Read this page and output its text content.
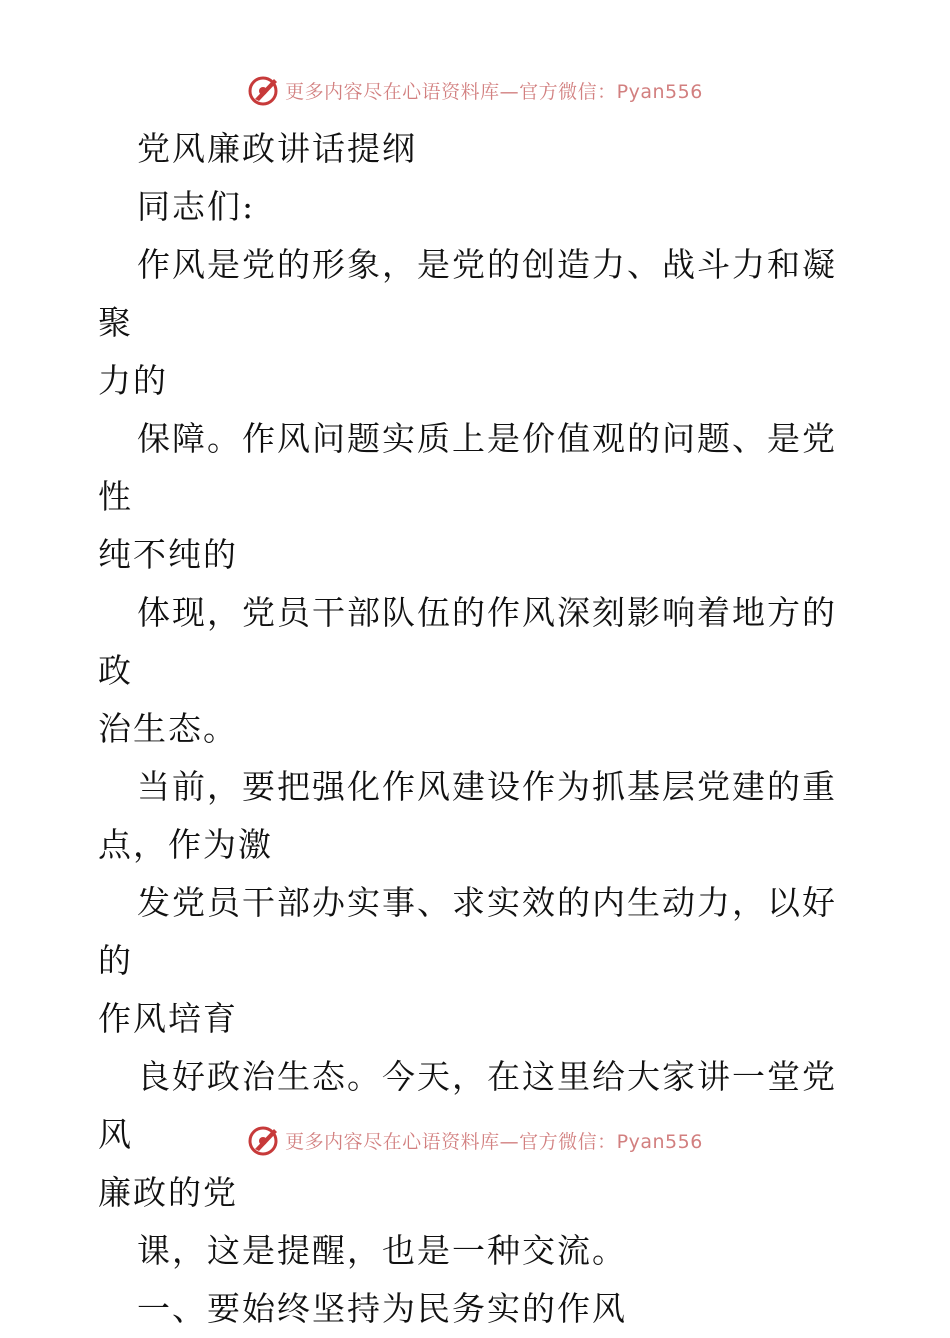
更多内容尽在心语资料库—官方微信：Pyan556

党风廉政讲话提纲

同志们:

作风是党的形象，是党的创造力、战斗力和凝聚
力的

保障。作风问题实质上是价值观的问题、是党性
纯不纯的

体现，党员干部队伍的作风深刻影响着地方的政
治生态。

当前，要把强化作风建设作为抓基层党建的重
点，作为激

发党员干部办实事、求实效的内生动力，以好的
作风培育

良好政治生态。今天，在这里给大家讲一堂党风
廉政的党

课，这是提醒，也是一种交流。

一、要始终坚持为民务实的作风

更多内容尽在心语资料库—官方微信：Pyan556
